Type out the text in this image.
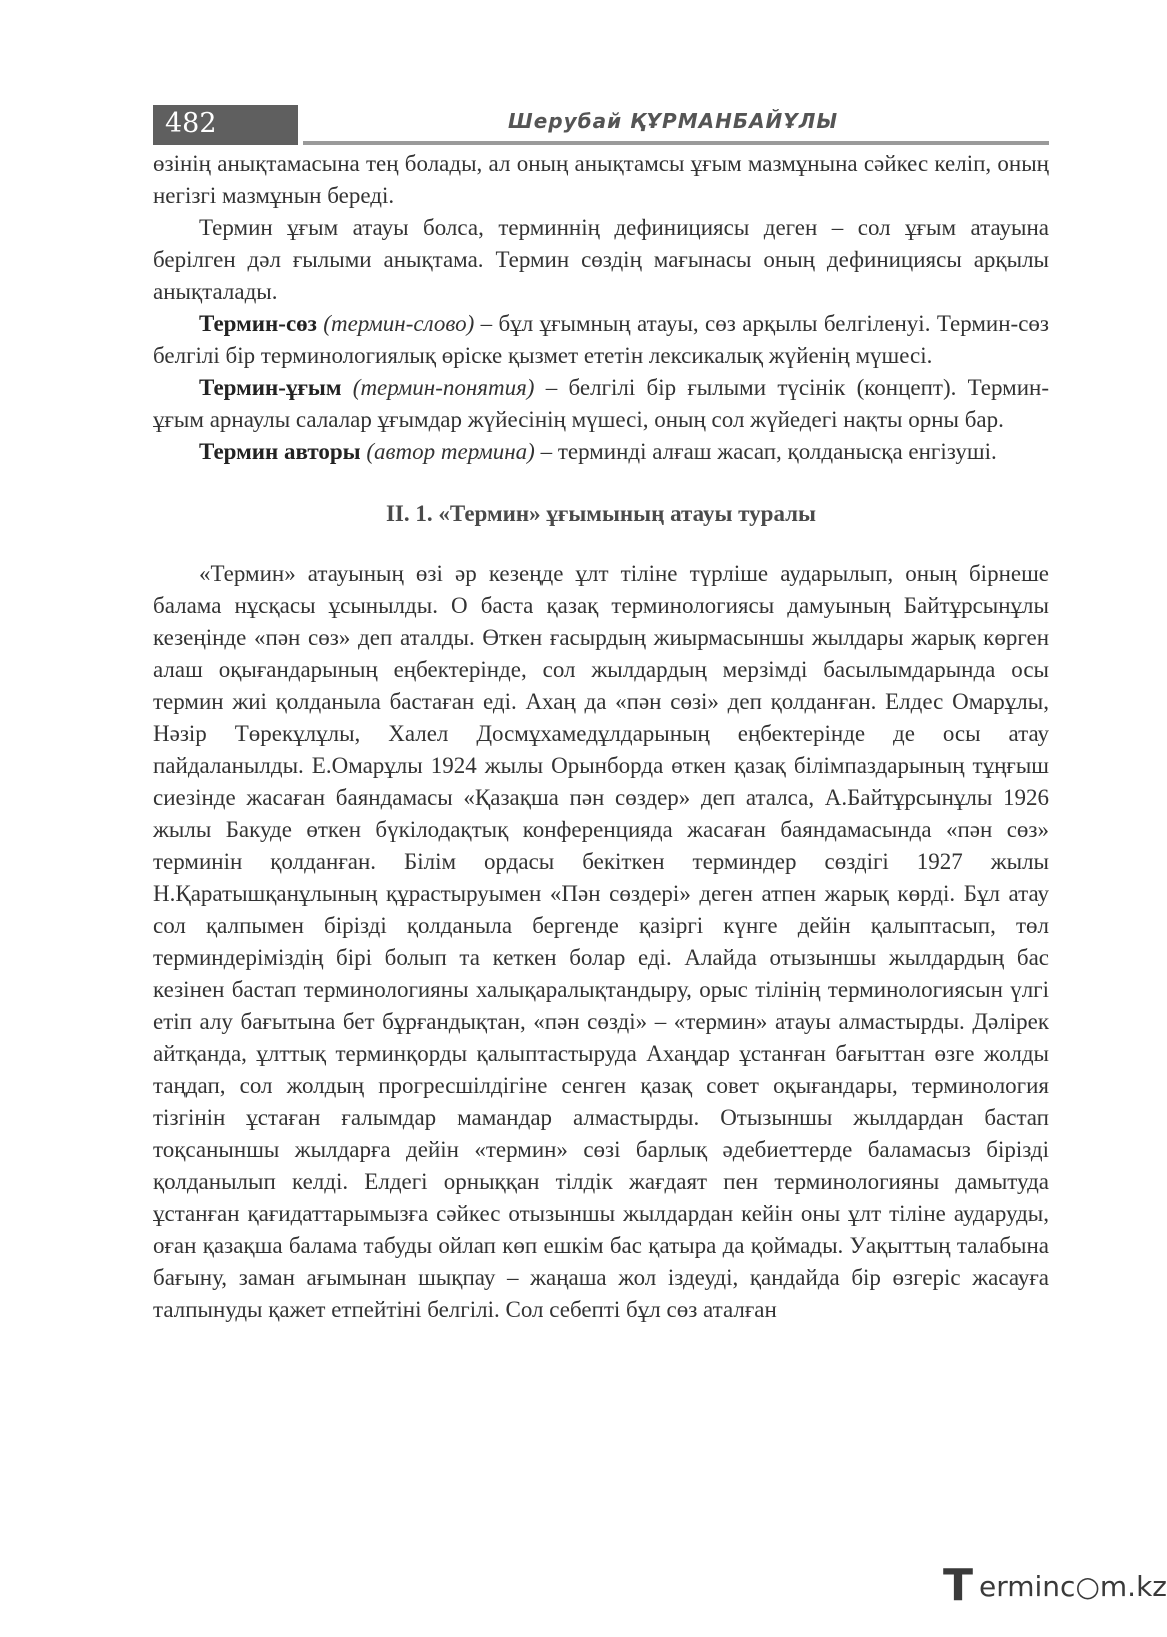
482	Шерубай ҚҰРМАНБАЙҰЛЫ

өзінің анықтамасына тең болады, ал оның анықтамсы ұғым мазмұнына сәйкес келіп, оның негізгі мазмұнын береді.

Термин ұғым атауы болса, терминнің дефинициясы деген – сол ұғым атауына берілген дәл ғылыми анықтама. Термин сөздің мағынасы оның дефинициясы арқылы анықталады.

Термин-сөз (термин-слово) – бұл ұғымның атауы, сөз арқылы белгіленуі. Термин-сөз белгілі бір терминологиялық өріске қызмет ететін лексикалық жүйенің мүшесі.

Термин-ұғым (термин-понятия) – белгілі бір ғылыми түсінік (концепт). Термин-ұғым арнаулы салалар ұғымдар жүйесінің мүшесі, оның сол жүйедегі нақты орны бар.

Термин авторы (автор термина) – терминді алғаш жасап, қолданысқа енгізуші.

ІІ. 1. «Термин» ұғымының атауы туралы

«Термин» атауының өзі әр кезеңде ұлт тіліне түрліше аударылып, оның бірнеше балама нұсқасы ұсынылды. О баста қазақ терминологиясы дамуының Байтұрсынұлы кезеңінде «пән сөз» деп аталды. Өткен ғасырдың жиырмасыншы жылдары жарық көрген алаш оқығандарының еңбектерінде, сол жылдардың мерзімді басылымдарында осы термин жиі қолданыла бастаған еді. Ахаң да «пән сөзі» деп қолданған. Елдес Омарұлы, Нәзір Төрекұлұлы, Халел Досмұхамедұлдарының еңбектерінде де осы атау пайдаланылды. Е.Омарұлы 1924 жылы Орынборда өткен қазақ білімпаздарының тұңғыш сиезінде жасаған баяндамасы «Қазақша пән сөздер» деп аталса, А.Байтұрсынұлы 1926 жылы Бакуде өткен бүкілодақтық конференцияда жасаған баяндамасында «пән сөз» терминін қолданған. Білім ордасы бекіткен терминдер сөздігі 1927 жылы Н.Қаратышқанұлының құрастыруымен «Пән сөздері» деген атпен жарық көрді. Бұл атау сол қалпымен бірізді қолданыла бергенде қазіргі күнге дейін қалыптасып, төл терминдеріміздің бірі болып та кеткен болар еді. Алайда отызыншы жылдардың бас кезінен бастап терминологияны халықаралықтандыру, орыс тілінің терминологиясын үлгі етіп алу бағытына бет бұрғандықтан, «пән сөзді» – «термин» атауы алмастырды. Дәлірек айтқанда, ұлттық терминқорды қалыптастыруда Ахаңдар ұстанған бағыттан өзге жолды таңдап, сол жолдың прогресшілдігіне сенген қазақ совет оқығандары, терминология тізгінін ұстаған ғалымдар мамандар алмастырды. Отызыншы жылдардан бастап тоқсаныншы жылдарға дейін «термин» сөзі барлық әдебиеттерде баламасыз бірізді қолданылып келді. Елдегі орныққан тілдік жағдаят пен терминологияны дамытуда ұстанған қағидаттарымызға сәйкес отызыншы жылдардан кейін оны ұлт тіліне аударуды, оған қазақша балама табуды ойлап көп ешкім бас қатыра да қоймады. Уақыттың талабына бағыну, заман ағымынан шықпау – жаңаша жол іздеуді, қандайда бір өзгеріс жасауға талпынуды қажет етпейтіні белгілі. Сол себепті бұл сөз аталған

T erminc○m.kz
